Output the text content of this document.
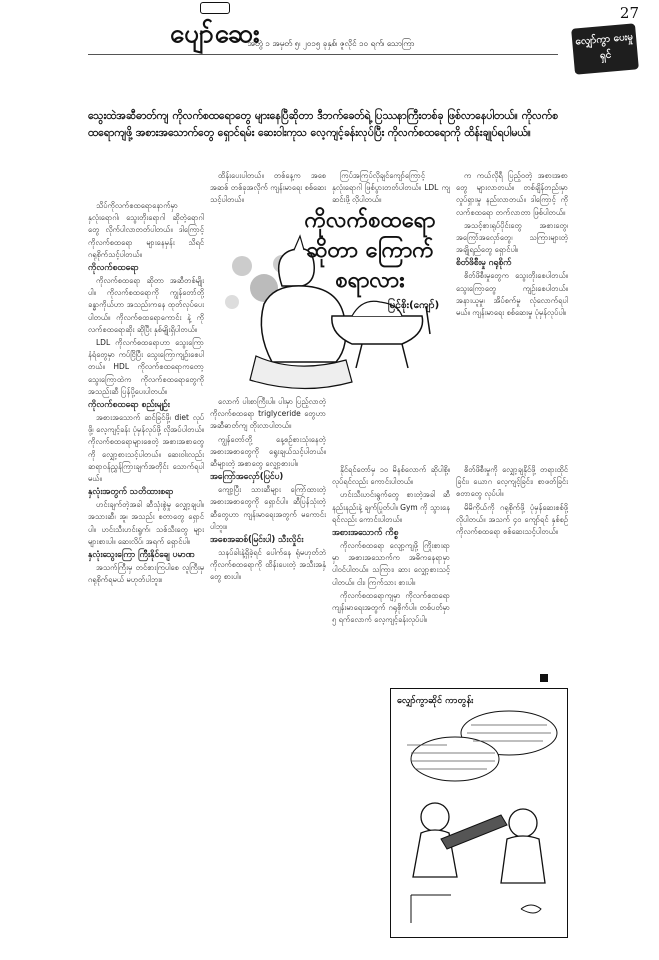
ပျော်ဆေး
အတွဲ ၁ အမှတ် ၅၊ ၂၀၁၅ ခုနှစ်၊ ဇူလိုင် ၁၀ ရက်၊ သောကြာ
27
လျှော်ကွာ ပေးမှုရှင်
သွေးထဲအဆီဓာတ်ကျ ကိုလက်စထရောတွေ များနေပြီဆိုတာ ဒီဘက်ခေတ်ရဲ့ ပြဿနာကြီးတစ်ခု ဖြစ်လာနေပါတယ်။ ကိုလက်စထရောကျဖို့ အစားအသောက်တွေ ရှောင်ရမ်း ဆေးဝါးကုသ လေ့ကျင့်ခန်းလုပ်ပြီး ကိုလက်စထရောကို ထိန်းချုပ်ရပါမယ်။

သိပ်ကိုလက်စထရောနောက်မှာ နှလုံးရောဂါ၊ သွေးတိုးရောဂါ ဆိုတဲ့ရောဂါတွေ လိုက်ပါလာတတ်ပါတယ်။ ဒါကြောင့် ကိုလက်စထရော များနေမှန်း သိရင် ဂရုစိုက်သင့်ပါတယ်။

ကိုလက်စထရော

ကိုလက်စထရော ဆိုတာ အဆီတစ်မျိုးပါ။ ကိုလက်စထရောကို ကျွန်တော်တို့ ခန္ဓာကိုယ်ဟာ အသည်းကနေ ထုတ်လုပ်ပေးပါတယ်။ ကိုလက်စထရောကောင်း နဲ့ ကိုလက်စထရောဆိုး ဆိုပြီး နှစ်မျိုးရှိပါတယ်။

LDL ကိုလက်စထရောဟာ သွေးကြောနံရံတွေမှာ ကပ်ငြိပြီး သွေးကြောကျဉ်းစေပါတယ်။ HDL ကိုလက်စထရောကတော့ သွေးကြောထဲက ကိုလက်စထရောတွေကို အသည်းဆီ ပြန်ပို့ပေးပါတယ်။

ကိုလက်စထရော စည်းမျဉ်း

အစားအသောက် ဆင်ခြင်ဖို့၊ diet လုပ်ဖို့၊ လေ့ကျင့်ခန်း ပုံမှန်လုပ်ဖို့ လိုအပ်ပါတယ်။ ကိုလက်စထရောများစေတဲ့ အစားအစာတွေကို လျှော့စားသင့်ပါတယ်။ ဆေးဝါးလည်း ဆရာဝန်ညွှန်ကြားချက်အတိုင်း သောက်ရပါမယ်။

နှလုံးအတွက် သတိထားစရာ

ဟင်းချက်တဲ့အခါ ဆီသုံးစွဲမှု လျှော့ချပါ။ အသားဆီ၊ အူ၊ အသည်း စတာတွေ ရှောင်ပါ။ ဟင်းသီးဟင်းရွက်၊ သစ်သီးတွေ များများစားပါ။ ဆေးလိပ်၊ အရက် ရှောင်ပါ။

နှလုံးသွေးကြော ကြီးနိုင်ချေ ပမာဏ

အသက်ကြီးမှ တင်စားကြပါစေ လူကြီးမှ ဂရုစိုက်ရမယ် မဟုတ်ပါဘူး။

ထိန်းပေးပါတယ်။ တစ်နေ့က အစေအဆစ် တစ်ခုအလိုက် ကျန်းမာရေး စစ်ဆေးသင့်ပါတယ်။

ကြပ်အကြပ်လိုချင်ကျော်ကြောင့် နှလုံးရောဂါ ဖြစ်ပွားတတ်ပါတယ်။ LDL ကျဆင်းဖို့ လိုပါတယ်။

က ကယ်လိုရီ ပြည့်ဝတဲ့ အစားအစာတွေ များလာတယ်။ တစ်ချိန်တည်းမှာ လှုပ်ရှားမှု နည်းလာတယ်။ ဒါကြောင့် ကိုလက်စထရော တက်လာတာ ဖြစ်ပါတယ်။

အသင့်စားရုပ်ပိုင်းတွေ အစားတွေ၊ အကြော်အလှော်တွေ၊ သကြားများတဲ့ အချိုရည်တွေ ရှောင်ပါ။

စိတ်ဖိစီးမှု ဂရုစိုက်

စိတ်ဖိစီးမှုတွေက သွေးတိုးစေပါတယ်။ သွေးကြောတွေ ကျဉ်းစေပါတယ်။ အနားယူမှု၊ အိပ်စက်မှု လုံလောက်ရပါမယ်။ ကျန်းမာရေး စစ်ဆေးမှု ပုံမှန်လုပ်ပါ။

လောက် ပါးစာကြီးပါ။ ပါးမှာ ပြည့်လာတဲ့ကိုလက်စထရော triglyceride တွေဟာ အဆီဓာတ်ကျ တိုးလာပါတယ်။

ကျွန်တော်တို့ နေ့စဉ်စားသုံးနေတဲ့ အစားအစာတွေကို ရွေးချယ်သင့်ပါတယ်။ ဆီများတဲ့ အစာတွေ လျှော့စားပါ။

အကြော်အလှော်(ပြင်ပ)

ကျော့ပြီး သားဆီများ ကြော်ထားတဲ့ အစားအစာတွေကို ရှောင်ပါ။ ဆီပြန်သုံးတဲ့ ဆီတွေဟာ ကျန်းမာရေးအတွက် မကောင်းပါဘူး။

အစေအဆစ်(မြင်းပါ) သီးလှိုင်း

သနပ်ခါးနဲ့ရှိခဲ့ရင် ပေါက်နေ ရုံမဟုတ်ဘဲ ကိုလက်စထရောကို ထိန်းပေးတဲ့ အသီးအနှံ တွေ စားပါ။

နိုင်ရင်တော်မှ ၁၀ မိနစ်လောက် ဆိုပါစို့။ လုပ်ရင်လည်း ကောင်းပါတယ်။

ဟင်းသီးဟင်းရွက်တွေ စားတဲ့အခါ ဆီနည်းနည်းနဲ့ ချက်ပြုတ်ပါ။ Gym ကို သွားနေရင်လည်း ကောင်းပါတယ်။

အစားအသောက် ကိစ္စ

ကိုလက်စထရော လျော့ကျဖို့ ကြိုးစားရာမှာ အစားအသောက်က အဓိကနေရာမှာ ပါဝင်ပါတယ်။ သကြား၊ ဆား လျှော့စားသင့်ပါတယ်။ ငါး၊ ကြက်သား စားပါ။

ကိုလက်စထရောကျမှာ ကိုလက်စထရော ကျန်းမာရေးအတွက် ဂရုစိုက်ပါ။ တစ်ပတ်မှာ ၅ ရက်လောက် လေ့ကျင့်ခန်းလုပ်ပါ။

စိတ်ဖိစီးမှုကို လျှော့ချနိုင်ဖို့ တရားထိုင်ခြင်း၊ ယောဂ လေ့ကျင့်ခြင်း၊ စာဖတ်ခြင်း စတာတွေ လုပ်ပါ။

မိမိကိုယ်ကို ဂရုစိုက်ဖို့ ပုံမှန်ဆေးစစ်ဖို့ လိုပါတယ်။ အသက် ၄၀ ကျော်ရင် နှစ်စဉ် ကိုလက်စထရော စစ်ဆေးသင့်ပါတယ်။

ကိုလက်စထရော ဆိုတာ ကြောက်စရာလား
မြင့်စိုး(ကျော်)
လျှော်ကွာဆိုင် ကာတွန်း
